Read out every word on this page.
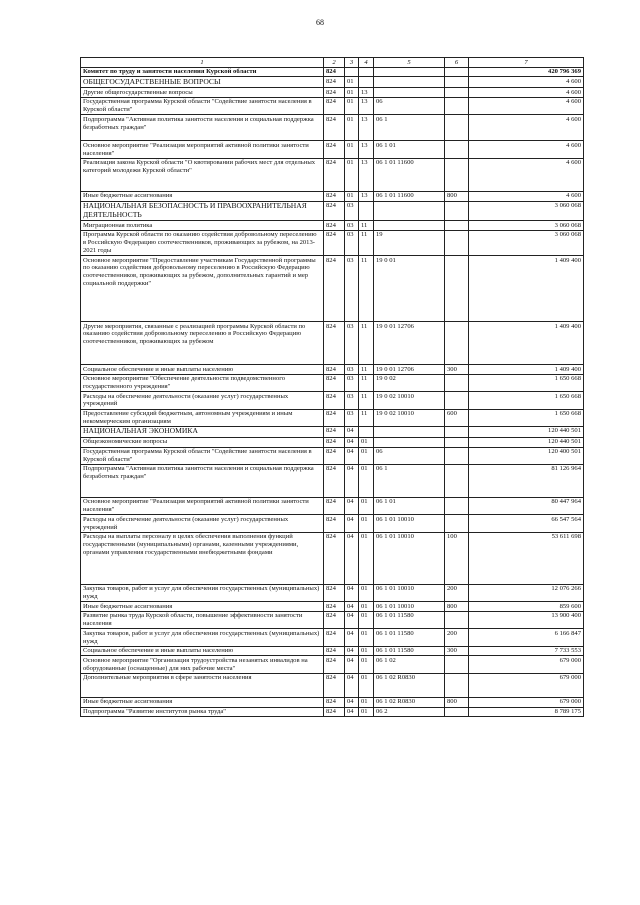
68
1	2	3	4	5	6	7
Комитет по труду и занятости населения Курской области	824					420 796 369
ОБЩЕГОСУДАРСТВЕННЫЕ ВОПРОСЫ	824	01				4 600
Другие общегосударственные вопросы	824	01	13			4 600
Государственная программа Курской области "Содействие занятости населения в Курской области"	824	01	13	06		4 600
Подпрограмма "Активная политика занятости населения и социальная поддержка безработных граждан"	824	01	13	06 1		4 600
Основное мероприятие "Реализация мероприятий активной политики занятости населения"	824	01	13	06 1 01		4 600
Реализация закона Курской области "О квотировании рабочих мест для отдельных категорий молодежи Курской области"	824	01	13	06 1 01 11600		4 600
Иные бюджетные ассигнования	824	01	13	06 1 01 11600	800	4 600
НАЦИОНАЛЬНАЯ БЕЗОПАСНОСТЬ И ПРАВООХРАНИТЕЛЬНАЯ ДЕЯТЕЛЬНОСТЬ	824	03				3 060 068
Миграционная политика	824	03	11			3 060 068
Программа Курской области по оказанию содействия добровольному переселению в Российскую Федерацию соотечественников, проживающих за рубежом, на 2013-2021 годы	824	03	11	19		3 060 068
Основное мероприятие "Предоставление участникам Государственной программы по оказанию содействия добровольному переселению в Российскую Федерацию соотечественников, проживающих за рубежом, дополнительных гарантий и мер социальной поддержки"	824	03	11	19 0 01		1 409 400
Другие мероприятия, связанные с реализацией программы Курской области по оказанию содействия добровольному переселению в Российскую Федерацию соотечественников, проживающих за рубежом	824	03	11	19 0 01 12706		1 409 400
Социальное обеспечение и иные выплаты населению	824	03	11	19 0 01 12706	300	1 409 400
Основное мероприятие "Обеспечение деятельности подведомственного государственного учреждения"	824	03	11	19 0 02		1 650 668
Расходы на обеспечение деятельности (оказание услуг) государственных учреждений	824	03	11	19 0 02 10010		1 650 668
Предоставление субсидий бюджетным, автономным учреждениям и иным некоммерческим организациям	824	03	11	19 0 02 10010	600	1 650 668
НАЦИОНАЛЬНАЯ ЭКОНОМИКА	824	04				120 440 501
Общеэкономические вопросы	824	04	01			120 440 501
Государственная программа Курской области "Содействие занятости населения в Курской области"	824	04	01	06		120 400 501
Подпрограмма "Активная политика занятости населения и социальная поддержка безработных граждан"	824	04	01	06 1		81 126 964
Основное мероприятие "Реализация мероприятий активной политики занятости населения"	824	04	01	06 1 01		80 447 964
Расходы на обеспечение деятельности (оказание услуг) государственных учреждений	824	04	01	06 1 01 10010		66 547 564
Расходы на выплаты персоналу в целях обеспечения выполнения функций государственными (муниципальными) органами, казенными учреждениями, органами управления государственными внебюджетными фондами	824	04	01	06 1 01 10010	100	53 611 698
Закупка товаров, работ и услуг для обеспечения государственных (муниципальных) нужд	824	04	01	06 1 01 10010	200	12 076 266
Иные бюджетные ассигнования	824	04	01	06 1 01 10010	800	859 600
Развитие рынка труда Курской области, повышение эффективности занятости населения	824	04	01	06 1 01 11580		13 900 400
Закупка товаров, работ и услуг для обеспечения государственных (муниципальных) нужд	824	04	01	06 1 01 11580	200	6 166 847
Социальное обеспечение и иные выплаты населению	824	04	01	06 1 01 11580	300	7 733 553
Основное мероприятие "Организация трудоустройства незанятых инвалидов на оборудованные (оснащенные) для них рабочие места"	824	04	01	06 1 02		679 000
Дополнительные мероприятия в сфере занятости населения	824	04	01	06 1 02 R0830		679 000
Иные бюджетные ассигнования	824	04	01	06 1 02 R0830	800	679 000
Подпрограмма "Развитие институтов рынка труда"	824	04	01	06 2		8 789 175
